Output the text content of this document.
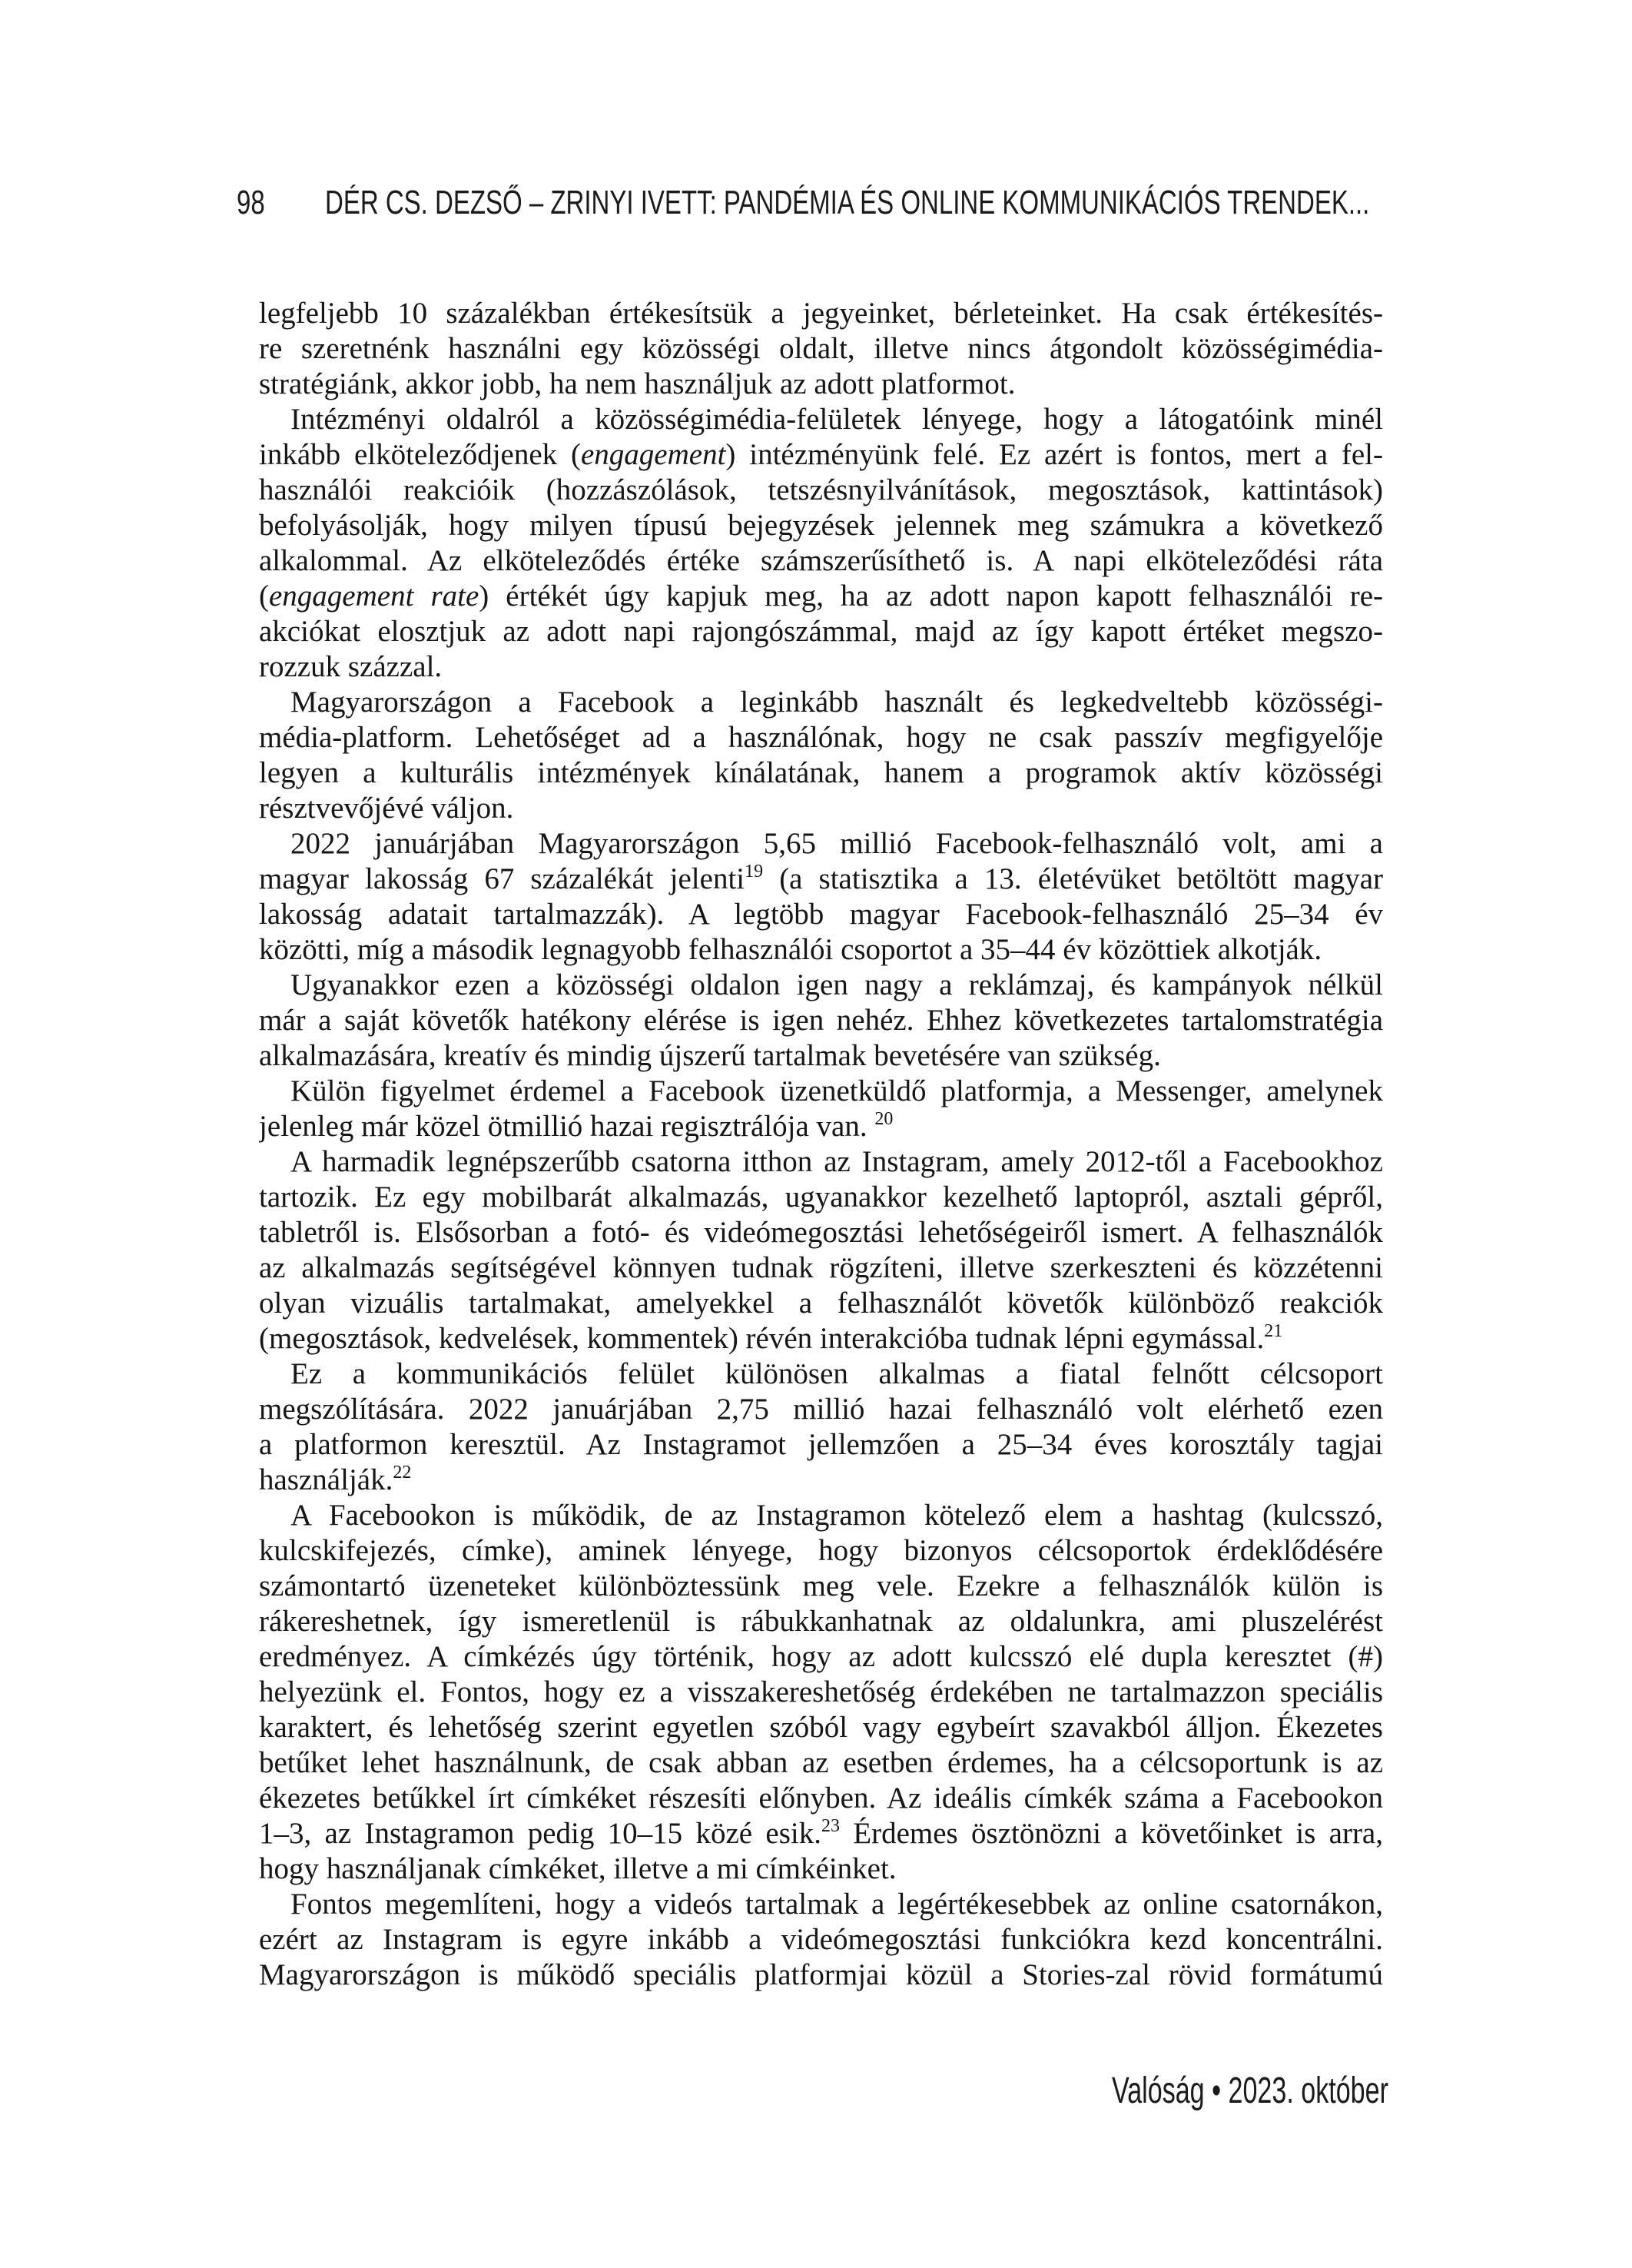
98 DÉR CS. DEZSŐ – ZRINYI IVETT: PANDÉMIA ÉS ONLINE KOMMUNIKÁCIÓS TRENDEK...
legfeljebb 10 százalékban értékesítsük a jegyeinket, bérleteinket. Ha csak értékesítés-
re szeretnénk használni egy közösségi oldalt, illetve nincs átgondolt közösségimédia-
stratégiánk, akkor jobb, ha nem használjuk az adott platformot.
Intézményi oldalról a közösségimédia-felületek lényege, hogy a látogatóink minél
inkább elköteleződjenek (engagement) intézményünk felé. Ez azért is fontos, mert a fel-
használói reakcióik (hozzászólások, tetszésnyilvánítások, megosztások, kattintások)
befolyásolják, hogy milyen típusú bejegyzések jelennek meg számukra a következő
alkalommal. Az elköteleződés értéke számszerűsíthető is. A napi elköteleződési ráta
(engagement rate) értékét úgy kapjuk meg, ha az adott napon kapott felhasználói re-
akciókat elosztjuk az adott napi rajongószámmal, majd az így kapott értéket megszo-
rozzuk százzal.
Magyarországon a Facebook a leginkább használt és legkedveltebb közösségi-
média-platform. Lehetőséget ad a használónak, hogy ne csak passzív megfigyelője
legyen a kulturális intézmények kínálatának, hanem a programok aktív közösségi
résztvevőjévé váljon.
2022 januárjában Magyarországon 5,65 millió Facebook-felhasználó volt, ami a
magyar lakosság 67 százalékát jelenti$^{19}$ (a statisztika a 13. életévüket betöltött magyar
lakosság adatait tartalmazzák). A legtöbb magyar Facebook-felhasználó 25–34 év
közötti, míg a második legnagyobb felhasználói csoportot a 35–44 év közöttiek alkotják.
Ugyanakkor ezen a közösségi oldalon igen nagy a reklámzaj, és kampányok nélkül
már a saját követők hatékony elérése is igen nehéz. Ehhez következetes tartalomstratégia
alkalmazására, kreatív és mindig újszerű tartalmak bevetésére van szükség.
Külön figyelmet érdemel a Facebook üzenetküldő platformja, a Messenger, amelynek
jelenleg már közel ötmillió hazai regisztrálója van. $^{20}$
A harmadik legnépszerűbb csatorna itthon az Instagram, amely 2012-től a Facebookhoz
tartozik. Ez egy mobilbarát alkalmazás, ugyanakkor kezelhető laptopról, asztali gépről,
tabletről is. Elsősorban a fotó- és videómegosztási lehetőségeiről ismert. A felhasználók
az alkalmazás segítségével könnyen tudnak rögzíteni, illetve szerkeszteni és közzétenni
olyan vizuális tartalmakat, amelyekkel a felhasználót követők különböző reakciók
(megosztások, kedvelések, kommentek) révén interakcióba tudnak lépni egymással.$^{21}$
Ez a kommunikációs felület különösen alkalmas a fiatal felnőtt célcsoport
megszólítására. 2022 januárjában 2,75 millió hazai felhasználó volt elérhető ezen
a platformon keresztül. Az Instagramot jellemzően a 25–34 éves korosztály tagjai
használják.$^{22}$
A Facebookon is működik, de az Instagramon kötelező elem a hashtag (kulcsszó,
kulcskifejezés, címke), aminek lényege, hogy bizonyos célcsoportok érdeklődésére
számontartó üzeneteket különböztessünk meg vele. Ezekre a felhasználók külön is
rákereshetnek, így ismeretlenül is rábukkanhatnak az oldalunkra, ami pluszelérést
eredményez. A címkézés úgy történik, hogy az adott kulcsszó elé dupla keresztet (#)
helyezünk el. Fontos, hogy ez a visszakereshetőség érdekében ne tartalmazzon speciális
karaktert, és lehetőség szerint egyetlen szóból vagy egybeírt szavakból álljon. Ékezetes
betűket lehet használnunk, de csak abban az esetben érdemes, ha a célcsoportunk is az
ékezetes betűkkel írt címkéket részesíti előnyben. Az ideális címkék száma a Facebookon
1–3, az Instagramon pedig 10–15 közé esik.$^{23}$ Érdemes ösztönözni a követőinket is arra,
hogy használjanak címkéket, illetve a mi címkéinket.
Fontos megemlíteni, hogy a videós tartalmak a legértékesebbek az online csatornákon,
ezért az Instagram is egyre inkább a videómegosztási funkciókra kezd koncentrálni.
Magyarországon is működő speciális platformjai közül a Stories-zal rövid formátumú
Valóság • 2023. október
